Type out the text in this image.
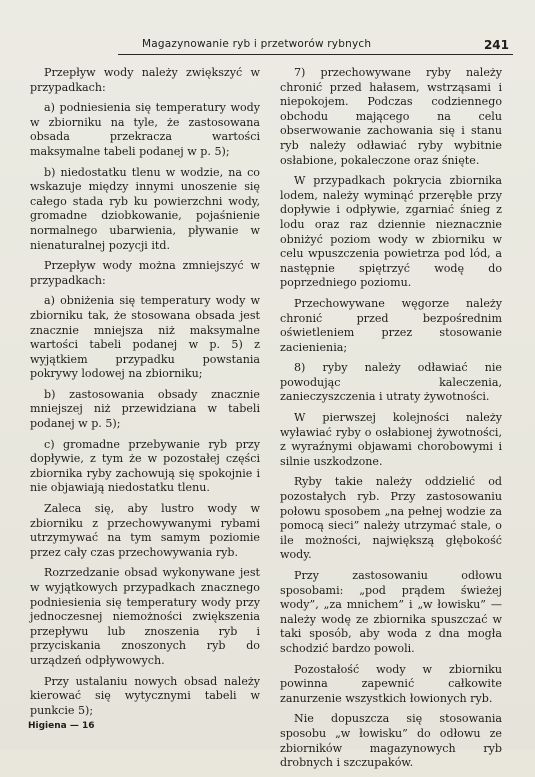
Magazynowanie ryb i przetworów rybnych	241

Przepływ wody należy zwiększyć w przypadkach:

a) podniesienia się temperatury wody w zbiorniku na tyle, że zastosowana obsada przekracza wartości maksymalne tabeli podanej w p. 5);

b) niedostatku tlenu w wodzie, na co wskazuje między innymi unoszenie się całego stada ryb ku powierzchni wody, gromadne dziobkowanie, pojaśnienie normalnego ubarwienia, pływanie w nienaturalnej pozycji itd.

Przepływ wody można zmniejszyć w przypadkach:

a) obniżenia się temperatury wody w zbiorniku tak, że stosowana obsada jest znacznie mniejsza niż maksymalne wartości tabeli podanej w p. 5) z wyjątkiem przypadku powstania pokrywy lodowej na zbiorniku;

b) zastosowania obsady znacznie mniejszej niż przewidziana w tabeli podanej w p. 5);

c) gromadne przebywanie ryb przy dopływie, z tym że w pozostałej części zbiornika ryby zachowują się spokojnie i nie objawiają niedostatku tlenu.

Zaleca się, aby lustro wody w zbiorniku z przechowywanymi rybami utrzymywać na tym samym poziomie przez cały czas przechowywania ryb.

Rozrzedzanie obsad wykonywane jest w wyjątkowych przypadkach znacznego podniesienia się temperatury wody przy jednoczesnej niemożności zwiększenia przepływu lub znoszenia ryb i przyciskania znoszonych ryb do urządzeń odpływowych.

Przy ustalaniu nowych obsad należy kierować się wytycznymi tabeli w punkcie 5);

7) przechowywane ryby należy chronić przed hałasem, wstrząsami i niepokojem. Podczas codziennego obchodu mającego na celu obserwowanie zachowania się i stanu ryb należy odławiać ryby wybitnie osłabione, pokaleczone oraz śnięte.

W przypadkach pokrycia zbiornika lodem, należy wyminąć przerębłe przy dopływie i odpływie, zgarniać śnieg z lodu oraz raz dziennie nieznacznie obniżyć poziom wody w zbiorniku w celu wpuszczenia powietrza pod lód, a następnie spiętrzyć wodę do poprzedniego poziomu.

Przechowywane węgorze należy chronić przed bezpośrednim oświetleniem przez stosowanie zacienienia;

8) ryby należy odławiać nie powodując kaleczenia, zanieczyszczenia i utraty żywotności.

W pierwszej kolejności należy wyławiać ryby o osłabionej żywotności, z wyraźnymi objawami chorobowymi i silnie uszkodzone.

Ryby takie należy oddzielić od pozostałych ryb. Przy zastosowaniu połowu sposobem „na pełnej wodzie za pomocą sieci” należy utrzymać stale, o ile możności, największą głębokość wody.

Przy zastosowaniu odłowu sposobami: „pod prądem świeżej wody”, „za mnichem” i „w łowisku” — należy wodę ze zbiornika spuszczać w taki sposób, aby woda z dna mogła schodzić bardzo powoli.

Pozostałość wody w zbiorniku powinna zapewnić całkowite zanurzenie wszystkich łowionych ryb.

Nie dopuszcza się stosowania sposobu „w łowisku” do odłowu ze zbiorników magazynowych ryb drobnych i szczupaków.

Higiena — 16
